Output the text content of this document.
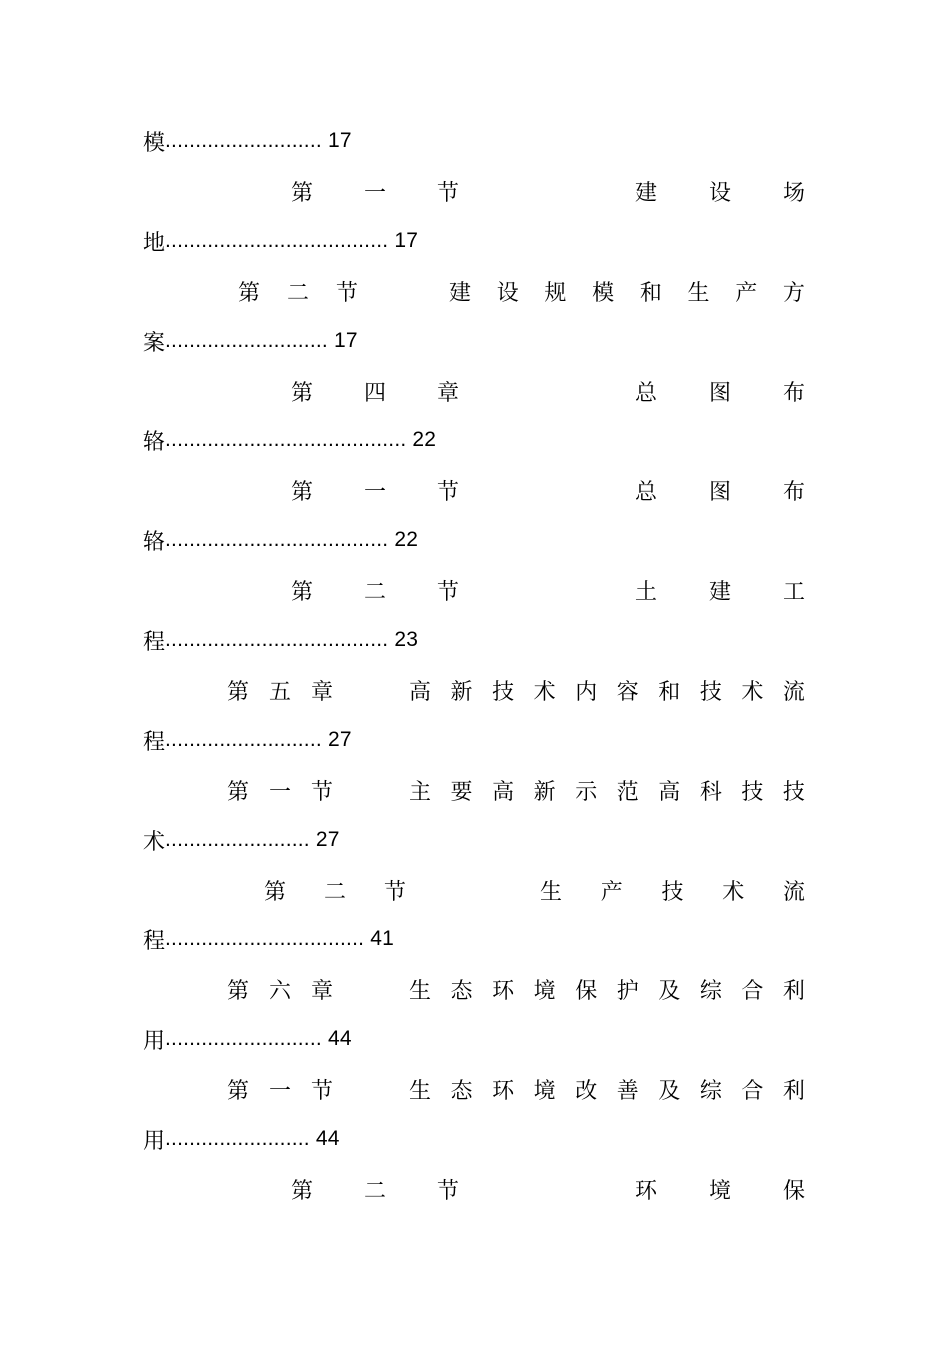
模 .......................... 17
第 一 节	建 设 场
地 ..................................... 17
第 二 节	建 设 规 模 和 生 产 方
案 ........................... 17
第 四 章	总 图 布
辂 ........................................ 22
第 一 节	总 图 布
辂 ..................................... 22
第 二 节	土 建 工
程 ..................................... 23
第 五 章	高 新 技 术 内 容 和 技 术 流
程 .......................... 27
第 一 节	主 要 高 新 示 范 高 科 技 技
术 ........................ 27
第 二 节	生 产 技 术 流
程 ................................. 41
第 六 章	生 态 环 境 保 护 及 综 合 利
用 .......................... 44
第 一 节	生 态 环 境 改 善 及 综 合 利
用 ........................ 44
第 二 节	环 境 保
